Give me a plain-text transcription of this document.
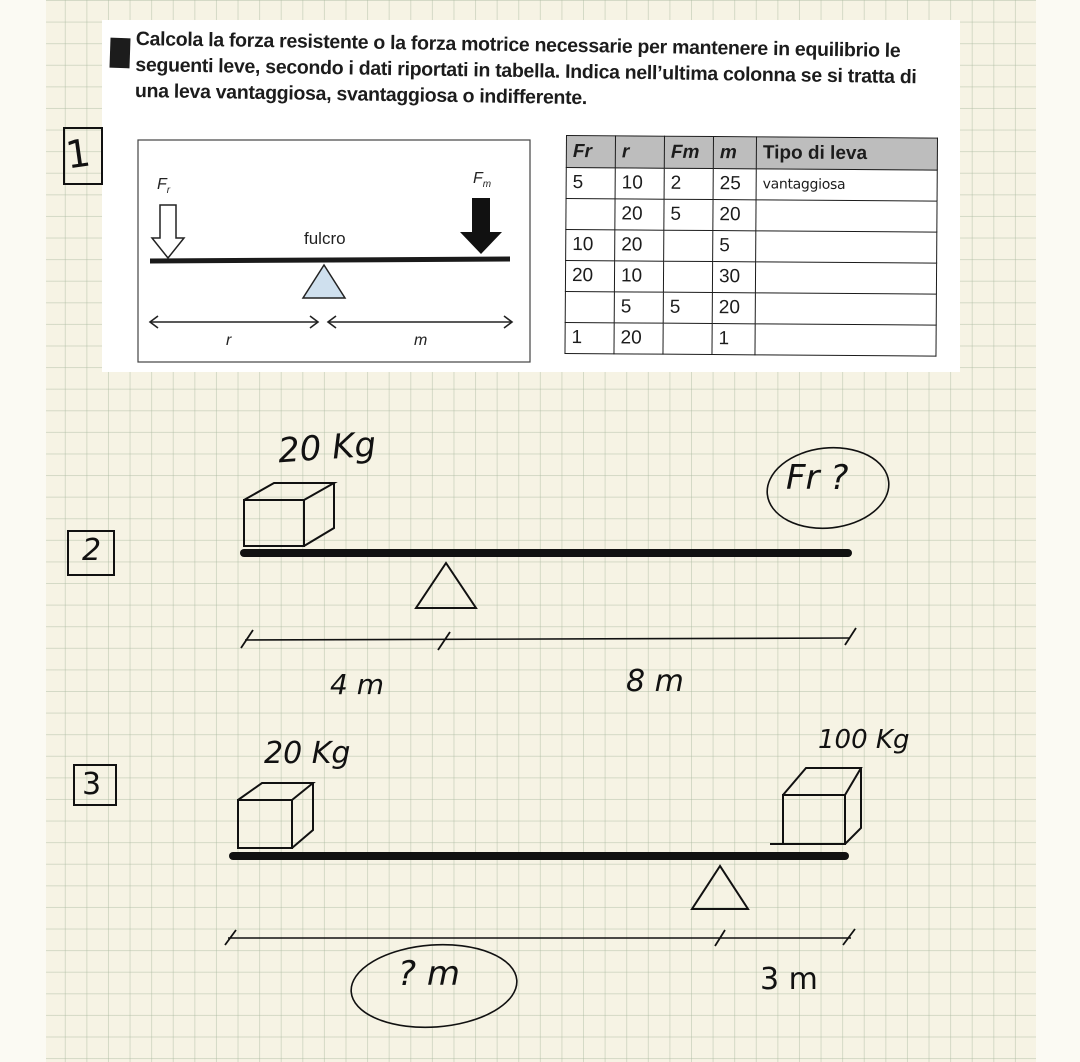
Calcola la forza resistente o la forza motrice necessarie per mantenere in equilibrio le seguenti leve, secondo i dati riportati in tabella. Indica nell’ultima colonna se si tratta di una leva vantaggiosa, svantaggiosa o indifferente.
1
$F_r$
$F_m$
fulcro
r	m
Fr	r	Fm	m	Tipo di leva
5	10	2	25	vantaggiosa
	20	5	20	
10	20		5	
20	10		30	
	5	5	20	
1	20		1	
2
20 Kg
Fr ?
4 m	8 m
3
20 Kg	100 Kg
? m	3 m
